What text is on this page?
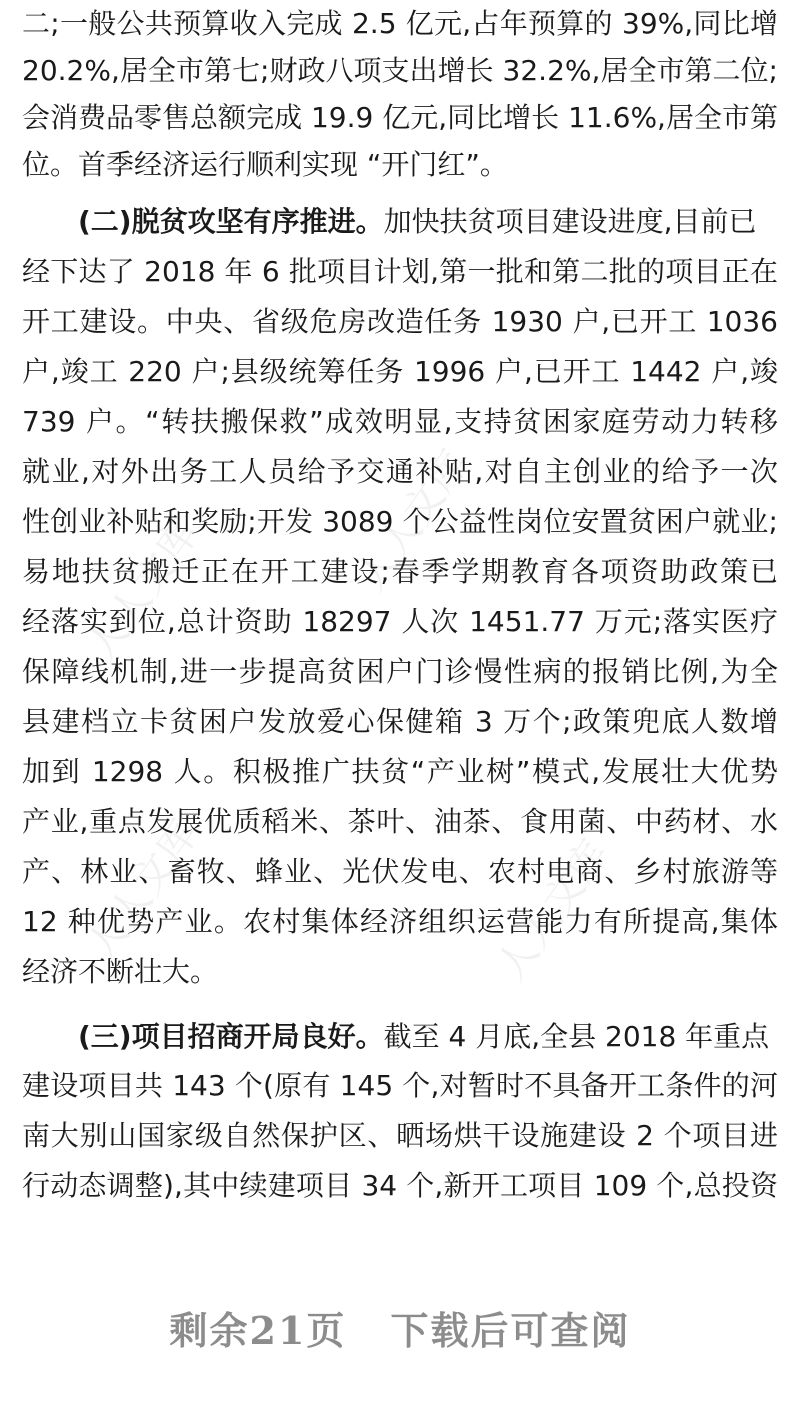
人人文库	人人文库
人人文库	人人文库
二;一般公共预算收入完成 2.5 亿元,占年预算的 39%,同比增
20.2%,居全市第七;财政八项支出增长 32.2%,居全市第二位;
会消费品零售总额完成 19.9 亿元,同比增长 11.6%,居全市第
位。首季经济运行顺利实现 “开门红”。
(二)脱贫攻坚有序推进。加快扶贫项目建设进度,目前已
经下达了 2018 年 6 批项目计划,第一批和第二批的项目正在
开工建设。中央、省级危房改造任务 1930 户,已开工 1036
户,竣工 220 户;县级统筹任务 1996 户,已开工 1442 户,竣
739 户。“转扶搬保救”成效明显,支持贫困家庭劳动力转移
就业,对外出务工人员给予交通补贴,对自主创业的给予一次
性创业补贴和奖励;开发 3089 个公益性岗位安置贫困户就业;
易地扶贫搬迁正在开工建设;春季学期教育各项资助政策已
经落实到位,总计资助 18297 人次 1451.77 万元;落实医疗
保障线机制,进一步提高贫困户门诊慢性病的报销比例,为全
县建档立卡贫困户发放爱心保健箱 3 万个;政策兜底人数增
加到 1298 人。积极推广扶贫“产业树”模式,发展壮大优势
产业,重点发展优质稻米、茶叶、油茶、食用菌、中药材、水
产、林业、畜牧、蜂业、光伏发电、农村电商、乡村旅游等
12 种优势产业。农村集体经济组织运营能力有所提高,集体
经济不断壮大。
(三)项目招商开局良好。截至 4 月底,全县 2018 年重点
建设项目共 143 个(原有 145 个,对暂时不具备开工条件的河
南大别山国家级自然保护区、晒场烘干设施建设 2 个项目进
行动态调整),其中续建项目 34 个,新开工项目 109 个,总投资
剩余21页 下载后可查阅
